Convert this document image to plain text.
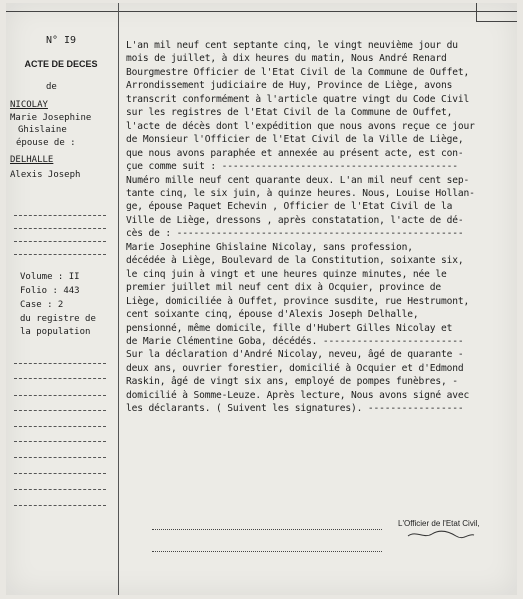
N° I9
ACTE DE DECES
de
NICOLAY
Marie Josephine
Ghislaine
épouse de :
DELHALLE
Alexis Joseph
Volume : II
Folio : 443
Case : 2
du registre de
la population
L'an mil neuf cent septante cinq, le vingt neuvième jour du
mois de juillet, à dix heures du matin, Nous André Renard
Bourgmestre Officier de l'Etat Civil de la Commune de Ouffet,
Arrondissement judiciaire de Huy, Province de Liège, avons
transcrit conformément à l'article quatre vingt du Code Civil
sur les registres de l'Etat Civil de la Commune de Ouffet,
l'acte de décès dont l'expédition que nous avons reçue ce jour
de Monsieur l'Officier de l'Etat Civil de la Ville de Liège,
que nous avons paraphée et annexée au présent acte, est con-
çue comme suit : ------------------------------------------
Numéro mille neuf cent quarante deux. L'an mil neuf cent sep-
tante cinq, le six juin, à quinze heures. Nous, Louise Hollan-
ge, épouse Paquet Echevin , Officier de l'Etat Civil de la
Ville de Liège, dressons , après constatation, l'acte de dé-
cès de : ---------------------------------------------------
Marie Josephine Ghislaine Nicolay, sans profession,
décédée à Liège, Boulevard de la Constitution, soixante six,
le cinq juin à vingt et une heures quinze minutes, née le
premier juillet mil neuf cent dix à Ocquier, province de
Liège, domiciliée à Ouffet, province susdite, rue Hestrumont,
cent soixante cinq, épouse d'Alexis Joseph Delhalle,
pensionné, même domicile, fille d'Hubert Gilles Nicolay et
de Marie Clémentine Goba, décédés. -------------------------
Sur la déclaration d'André Nicolay, neveu, âgé de quarante -
deux ans, ouvrier forestier, domicilié à Ocquier et d'Edmond
Raskin, âgé de vingt six ans, employé de pompes funèbres, -
domicilié à Somme-Leuze. Après lecture, Nous avons signé avec
les déclarants. ( Suivent les signatures). -----------------
L'Officier de l'Etat Civil,
